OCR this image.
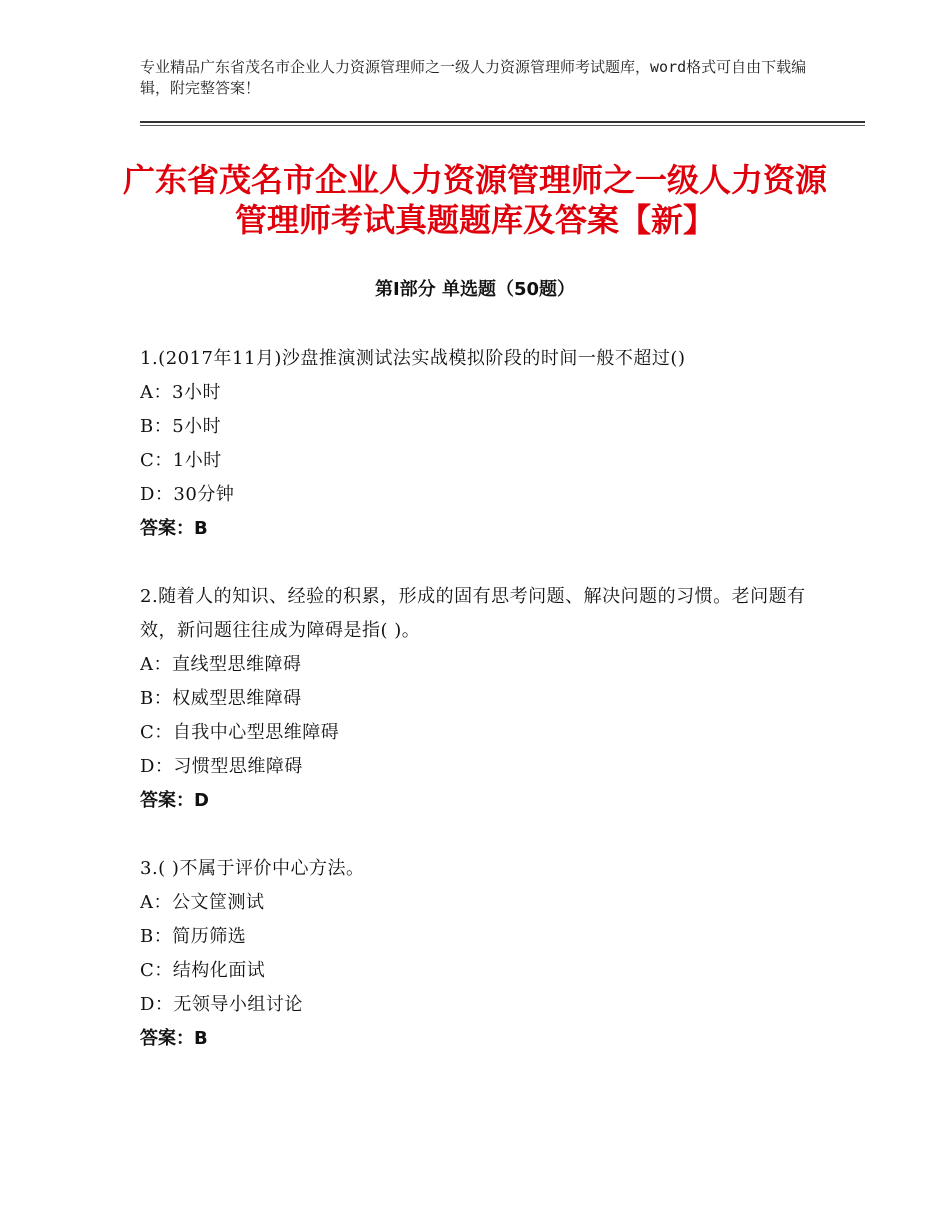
专业精品广东省茂名市企业人力资源管理师之一级人力资源管理师考试题库，word格式可自由下载编辑，附完整答案！
广东省茂名市企业人力资源管理师之一级人力资源管理师考试真题题库及答案【新】
第Ⅰ部分 单选题（50题）
1.(2017年11月)沙盘推演测试法实战模拟阶段的时间一般不超过()
A：3小时
B：5小时
C：1小时
D：30分钟
答案：B
2.随着人的知识、经验的积累，形成的固有思考问题、解决问题的习惯。老问题有效，新问题往往成为障碍是指( )。
A：直线型思维障碍
B：权威型思维障碍
C：自我中心型思维障碍
D：习惯型思维障碍
答案：D
3.( )不属于评价中心方法。
A：公文筐测试
B：简历筛选
C：结构化面试
D：无领导小组讨论
答案：B
